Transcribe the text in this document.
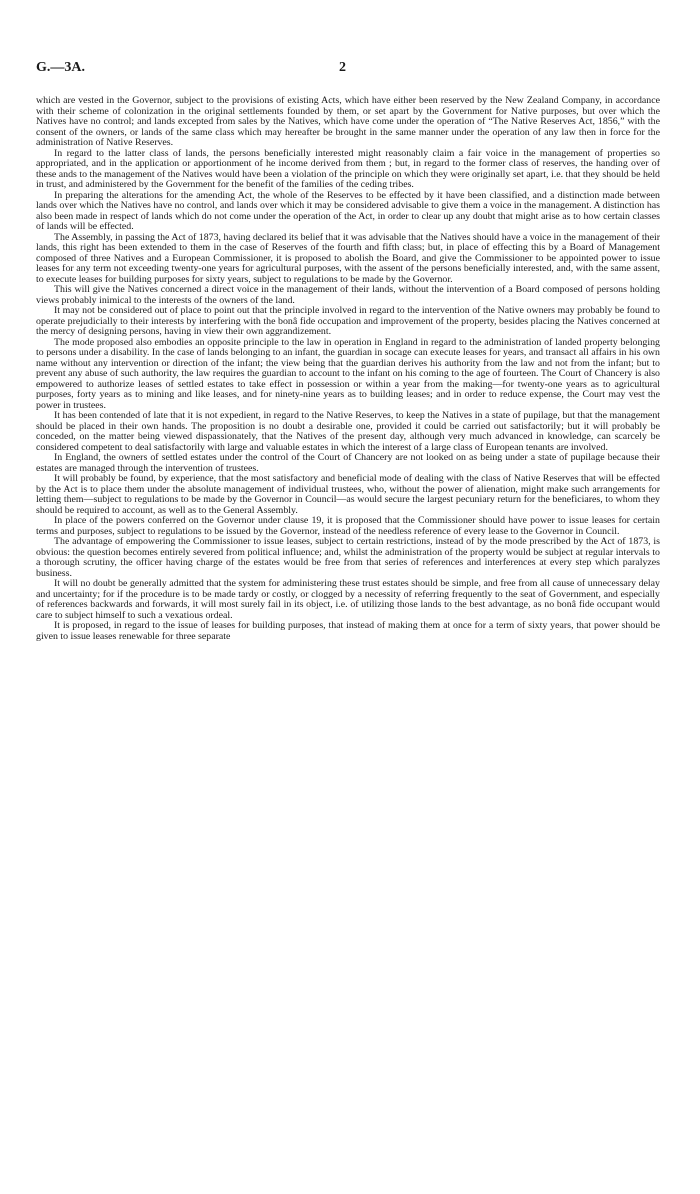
G.—3A.	2

which are vested in the Governor, subject to the provisions of existing Acts, which have either been reserved by the New Zealand Company, in accordance with their scheme of colonization in the original settlements founded by them, or set apart by the Government for Native purposes, but over which the Natives have no control; and lands excepted from sales by the Natives, which have come under the operation of “The Native Reserves Act, 1856,” with the consent of the owners, or lands of the same class which may hereafter be brought in the same manner under the operation of any law then in force for the administration of Native Reserves.

In regard to the latter class of lands, the persons beneficially interested might reasonably claim a fair voice in the management of properties so appropriated, and in the application or apportionment of he income derived from them ; but, in regard to the former class of reserves, the handing over of these ands to the management of the Natives would have been a violation of the principle on which they were originally set apart, i.e. that they should be held in trust, and administered by the Government for the benefit of the families of the ceding tribes.

In preparing the alterations for the amending Act, the whole of the Reserves to be effected by it have been classified, and a distinction made between lands over which the Natives have no control, and lands over which it may be considered advisable to give them a voice in the management. A distinction has also been made in respect of lands which do not come under the operation of the Act, in order to clear up any doubt that might arise as to how certain classes of lands will be effected.

The Assembly, in passing the Act of 1873, having declared its belief that it was advisable that the Natives should have a voice in the management of their lands, this right has been extended to them in the case of Reserves of the fourth and fifth class; but, in place of effecting this by a Board of Management composed of three Natives and a European Commissioner, it is proposed to abolish the Board, and give the Commissioner to be appointed power to issue leases for any term not exceeding twenty-one years for agricultural purposes, with the assent of the persons beneficially interested, and, with the same assent, to execute leases for building purposes for sixty years, subject to regulations to be made by the Governor.

This will give the Natives concerned a direct voice in the management of their lands, without the intervention of a Board composed of persons holding views probably inimical to the interests of the owners of the land.

It may not be considered out of place to point out that the principle involved in regard to the intervention of the Native owners may probably be found to operate prejudicially to their interests by interfering with the bonâ fide occupation and improvement of the property, besides placing the Natives concerned at the mercy of designing persons, having in view their own aggrandizement.

The mode proposed also embodies an opposite principle to the law in operation in England in regard to the administration of landed property belonging to persons under a disability. In the case of lands belonging to an infant, the guardian in socage can execute leases for years, and transact all affairs in his own name without any intervention or direction of the infant; the view being that the guardian derives his authority from the law and not from the infant; but to prevent any abuse of such authority, the law requires the guardian to account to the infant on his coming to the age of fourteen. The Court of Chancery is also empowered to authorize leases of settled estates to take effect in possession or within a year from the making—for twenty-one years as to agricultural purposes, forty years as to mining and like leases, and for ninety-nine years as to building leases; and in order to reduce expense, the Court may vest the power in trustees.

It has been contended of late that it is not expedient, in regard to the Native Reserves, to keep the Natives in a state of pupilage, but that the management should be placed in their own hands. The proposition is no doubt a desirable one, provided it could be carried out satisfactorily; but it will probably be conceded, on the matter being viewed dispassionately, that the Natives of the present day, although very much advanced in knowledge, can scarcely be considered competent to deal satisfactorily with large and valuable estates in which the interest of a large class of European tenants are involved.

In England, the owners of settled estates under the control of the Court of Chancery are not looked on as being under a state of pupilage because their estates are managed through the intervention of trustees.

It will probably be found, by experience, that the most satisfactory and beneficial mode of dealing with the class of Native Reserves that will be effected by the Act is to place them under the absolute management of individual trustees, who, without the power of alienation, might make such arrangements for letting them—subject to regulations to be made by the Governor in Council—as would secure the largest pecuniary return for the beneficiares, to whom they should be required to account, as well as to the General Assembly.

In place of the powers conferred on the Governor under clause 19, it is proposed that the Commissioner should have power to issue leases for certain terms and purposes, subject to regulations to be issued by the Governor, instead of the needless reference of every lease to the Governor in Council.

The advantage of empowering the Commissioner to issue leases, subject to certain restrictions, instead of by the mode prescribed by the Act of 1873, is obvious: the question becomes entirely severed from political influence; and, whilst the administration of the property would be subject at regular intervals to a thorough scrutiny, the officer having charge of the estates would be free from that series of references and interferences at every step which paralyzes business.

It will no doubt be generally admitted that the system for administering these trust estates should be simple, and free from all cause of unnecessary delay and uncertainty; for if the procedure is to be made tardy or costly, or clogged by a necessity of referring frequently to the seat of Government, and especially of references backwards and forwards, it will most surely fail in its object, i.e. of utilizing those lands to the best advantage, as no bonâ fide occupant would care to subject himself to such a vexatious ordeal.

It is proposed, in regard to the issue of leases for building purposes, that instead of making them at once for a term of sixty years, that power should be given to issue leases renewable for three separate
